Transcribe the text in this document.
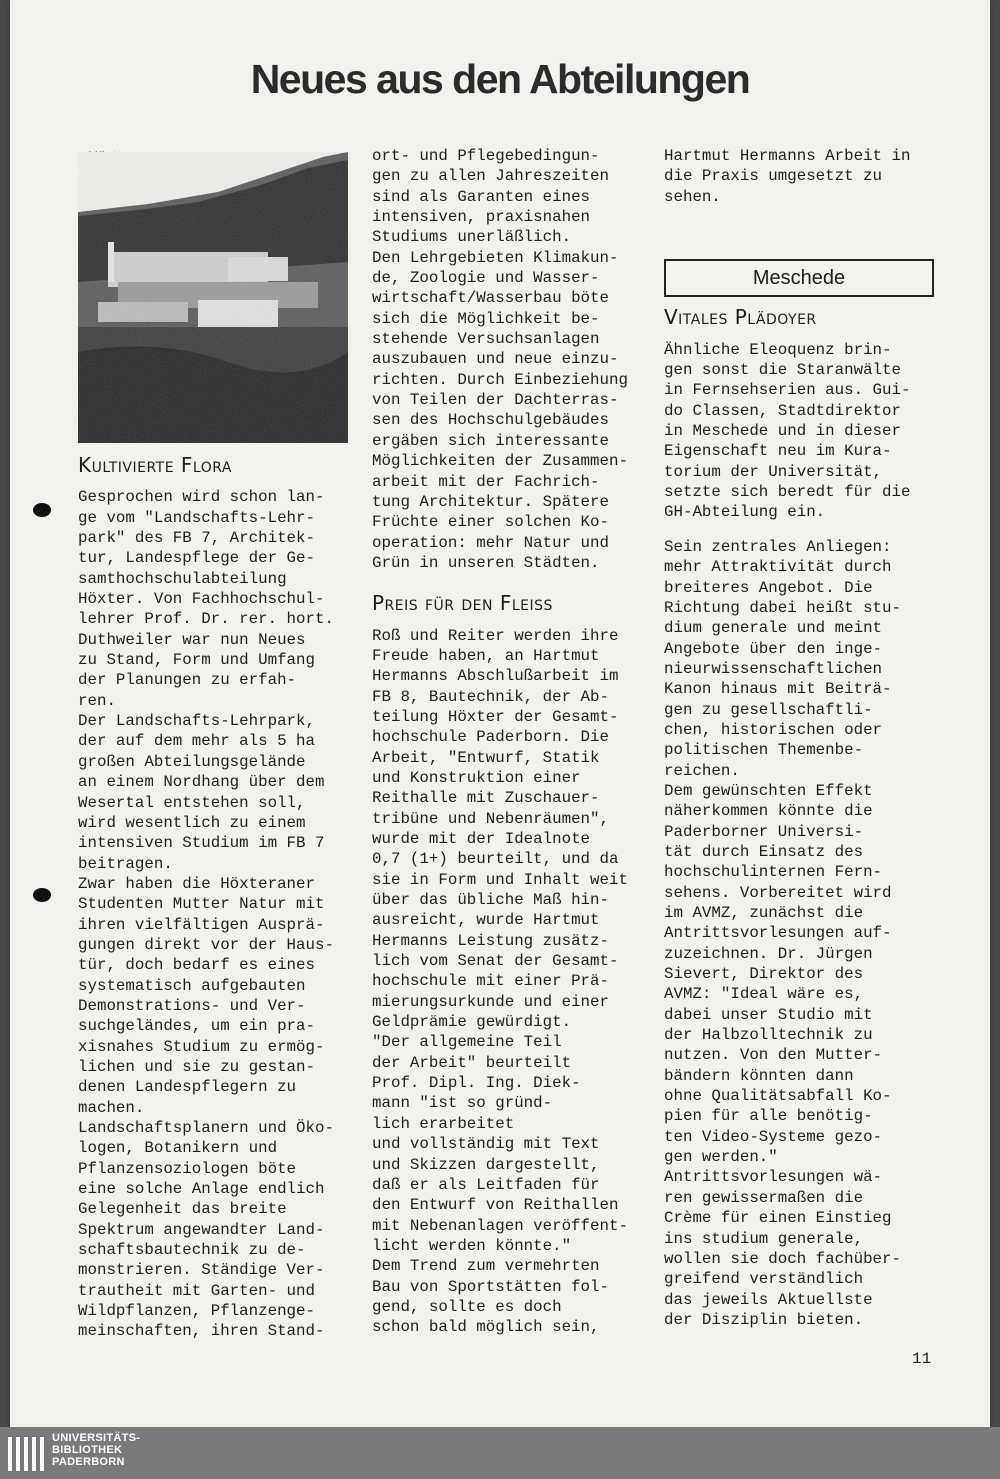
Neues aus den Abteilungen
Kultivierte Flora

Gesprochen wird schon lan-
ge vom "Landschafts-Lehr-
park" des FB 7, Architek-
tur, Landespflege der Ge-
samthochschulabteilung
Höxter. Von Fachhochschul-
lehrer Prof. Dr. rer. hort.
Duthweiler war nun Neues
zu Stand, Form und Umfang
der Planungen zu erfah-
ren.

Der Landschafts-Lehrpark,
der auf dem mehr als 5 ha
großen Abteilungsgelände
an einem Nordhang über dem
Wesertal entstehen soll,
wird wesentlich zu einem
intensiven Studium im FB 7
beitragen.

Zwar haben die Höxteraner
Studenten Mutter Natur mit
ihren vielfältigen Ausprä-
gungen direkt vor der Haus-
tür, doch bedarf es eines
systematisch aufgebauten
Demonstrations- und Ver-
suchgeländes, um ein pra-
xisnahes Studium zu ermög-
lichen und sie zu gestan-
denen Landespflegern zu
machen.

Landschaftsplanern und Öko-
logen, Botanikern und
Pflanzensoziologen böte
eine solche Anlage endlich
Gelegenheit das breite
Spektrum angewandter Land-
schaftsbautechnik zu de-
monstrieren. Ständige Ver-
trautheit mit Garten- und
Wildpflanzen, Pflanzenge-
meinschaften, ihren Stand-

ort- und Pflegebedingun-
gen zu allen Jahreszeiten
sind als Garanten eines
intensiven, praxisnahen
Studiums unerläßlich.

Den Lehrgebieten Klimakun-
de, Zoologie und Wasser-
wirtschaft/Wasserbau böte
sich die Möglichkeit be-
stehende Versuchsanlagen
auszubauen und neue einzu-
richten. Durch Einbeziehung
von Teilen der Dachterras-
sen des Hochschulgebäudes
ergäben sich interessante
Möglichkeiten der Zusammen-
arbeit mit der Fachrich-
tung Architektur. Spätere
Früchte einer solchen Ko-
operation: mehr Natur und
Grün in unseren Städten.

Preis für den Fleiss

Roß und Reiter werden ihre
Freude haben, an Hartmut
Hermanns Abschlußarbeit im
FB 8, Bautechnik, der Ab-
teilung Höxter der Gesamt-
hochschule Paderborn. Die
Arbeit, "Entwurf, Statik
und Konstruktion einer
Reithalle mit Zuschauer-
tribüne und Nebenräumen",
wurde mit der Idealnote
0,7 (1+) beurteilt, und da
sie in Form und Inhalt weit
über das übliche Maß hin-
ausreicht, wurde Hartmut
Hermanns Leistung zusätz-
lich vom Senat der Gesamt-
hochschule mit einer Prä-
mierungsurkunde und einer
Geldprämie gewürdigt.

"Der allgemeine Teil
der Arbeit" beurteilt
Prof. Dipl. Ing. Diek-
mann "ist so gründ-
lich erarbeitet
und vollständig mit Text
und Skizzen dargestellt,
daß er als Leitfaden für
den Entwurf von Reithallen
mit Nebenanlagen veröffent-
licht werden könnte."

Dem Trend zum vermehrten
Bau von Sportstätten fol-
gend, sollte es doch
schon bald möglich sein,

Hartmut Hermanns Arbeit in
die Praxis umgesetzt zu
sehen.

Meschede
Vitales Plädoyer

Ähnliche Eleoquenz brin-
gen sonst die Staranwälte
in Fernsehserien aus. Gui-
do Classen, Stadtdirektor
in Meschede und in dieser
Eigenschaft neu im Kura-
torium der Universität,
setzte sich beredt für die
GH-Abteilung ein.

Sein zentrales Anliegen:
mehr Attraktivität durch
breiteres Angebot. Die
Richtung dabei heißt stu-
dium generale und meint
Angebote über den inge-
nieurwissenschaftlichen
Kanon hinaus mit Beiträ-
gen zu gesellschaftli-
chen, historischen oder
politischen Themenbe-
reichen.

Dem gewünschten Effekt
näherkommen könnte die
Paderborner Universi-
tät durch Einsatz des
hochschulinternen Fern-
sehens. Vorbereitet wird
im AVMZ, zunächst die
Antrittsvorlesungen auf-
zuzeichnen. Dr. Jürgen
Sievert, Direktor des
AVMZ: "Ideal wäre es,
dabei unser Studio mit
der Halbzolltechnik zu
nutzen. Von den Mutter-
bändern könnten dann
ohne Qualitätsabfall Ko-
pien für alle benötig-
ten Video-Systeme gezo-
gen werden."

Antrittsvorlesungen wä-
ren gewissermaßen die
Crème für einen Einstieg
ins studium generale,
wollen sie doch fachüber-
greifend verständlich
das jeweils Aktuellste
der Disziplin bieten.

11
UNIVERSITÄTS-
BIBLIOTHEK
PADERBORN
